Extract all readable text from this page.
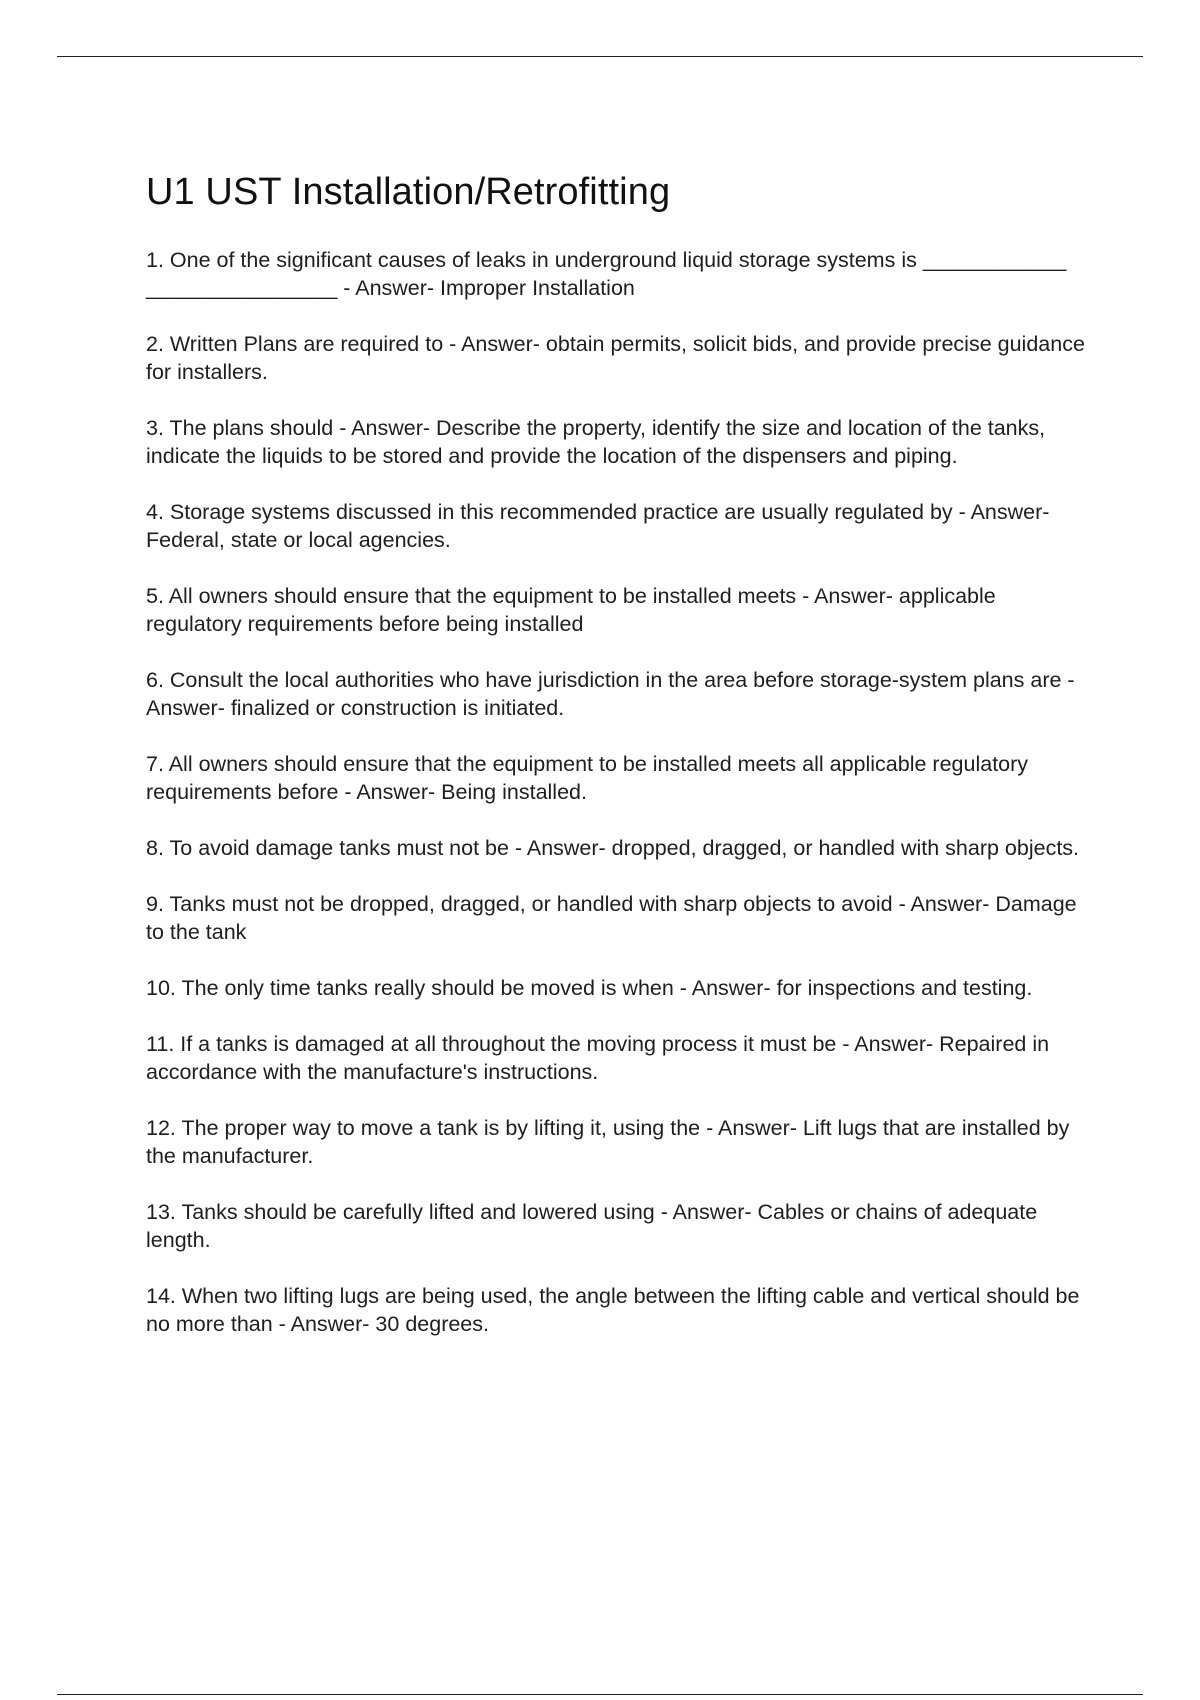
U1 UST Installation/Retrofitting

1. One of the significant causes of leaks in underground liquid storage systems is ____________ ________________ - Answer- Improper Installation

2. Written Plans are required to - Answer- obtain permits, solicit bids, and provide precise guidance for installers.

3. The plans should - Answer- Describe the property, identify the size and location of the tanks, indicate the liquids to be stored and provide the location of the dispensers and piping.

4. Storage systems discussed in this recommended practice are usually regulated by - Answer- Federal, state or local agencies.

5. All owners should ensure that the equipment to be installed meets - Answer- applicable regulatory requirements before being installed

6. Consult the local authorities who have jurisdiction in the area before storage-system plans are - Answer- finalized or construction is initiated.

7. All owners should ensure that the equipment to be installed meets all applicable regulatory requirements before - Answer- Being installed.

8. To avoid damage tanks must not be - Answer- dropped, dragged, or handled with sharp objects.

9. Tanks must not be dropped, dragged, or handled with sharp objects to avoid - Answer- Damage to the tank

10. The only time tanks really should be moved is when - Answer- for inspections and testing.

11. If a tanks is damaged at all throughout the moving process it must be - Answer- Repaired in accordance with the manufacture's instructions.

12. The proper way to move a tank is by lifting it, using the - Answer- Lift lugs that are installed by the manufacturer.

13. Tanks should be carefully lifted and lowered using - Answer- Cables or chains of adequate length.

14. When two lifting lugs are being used, the angle between the lifting cable and vertical should be no more than - Answer- 30 degrees.
